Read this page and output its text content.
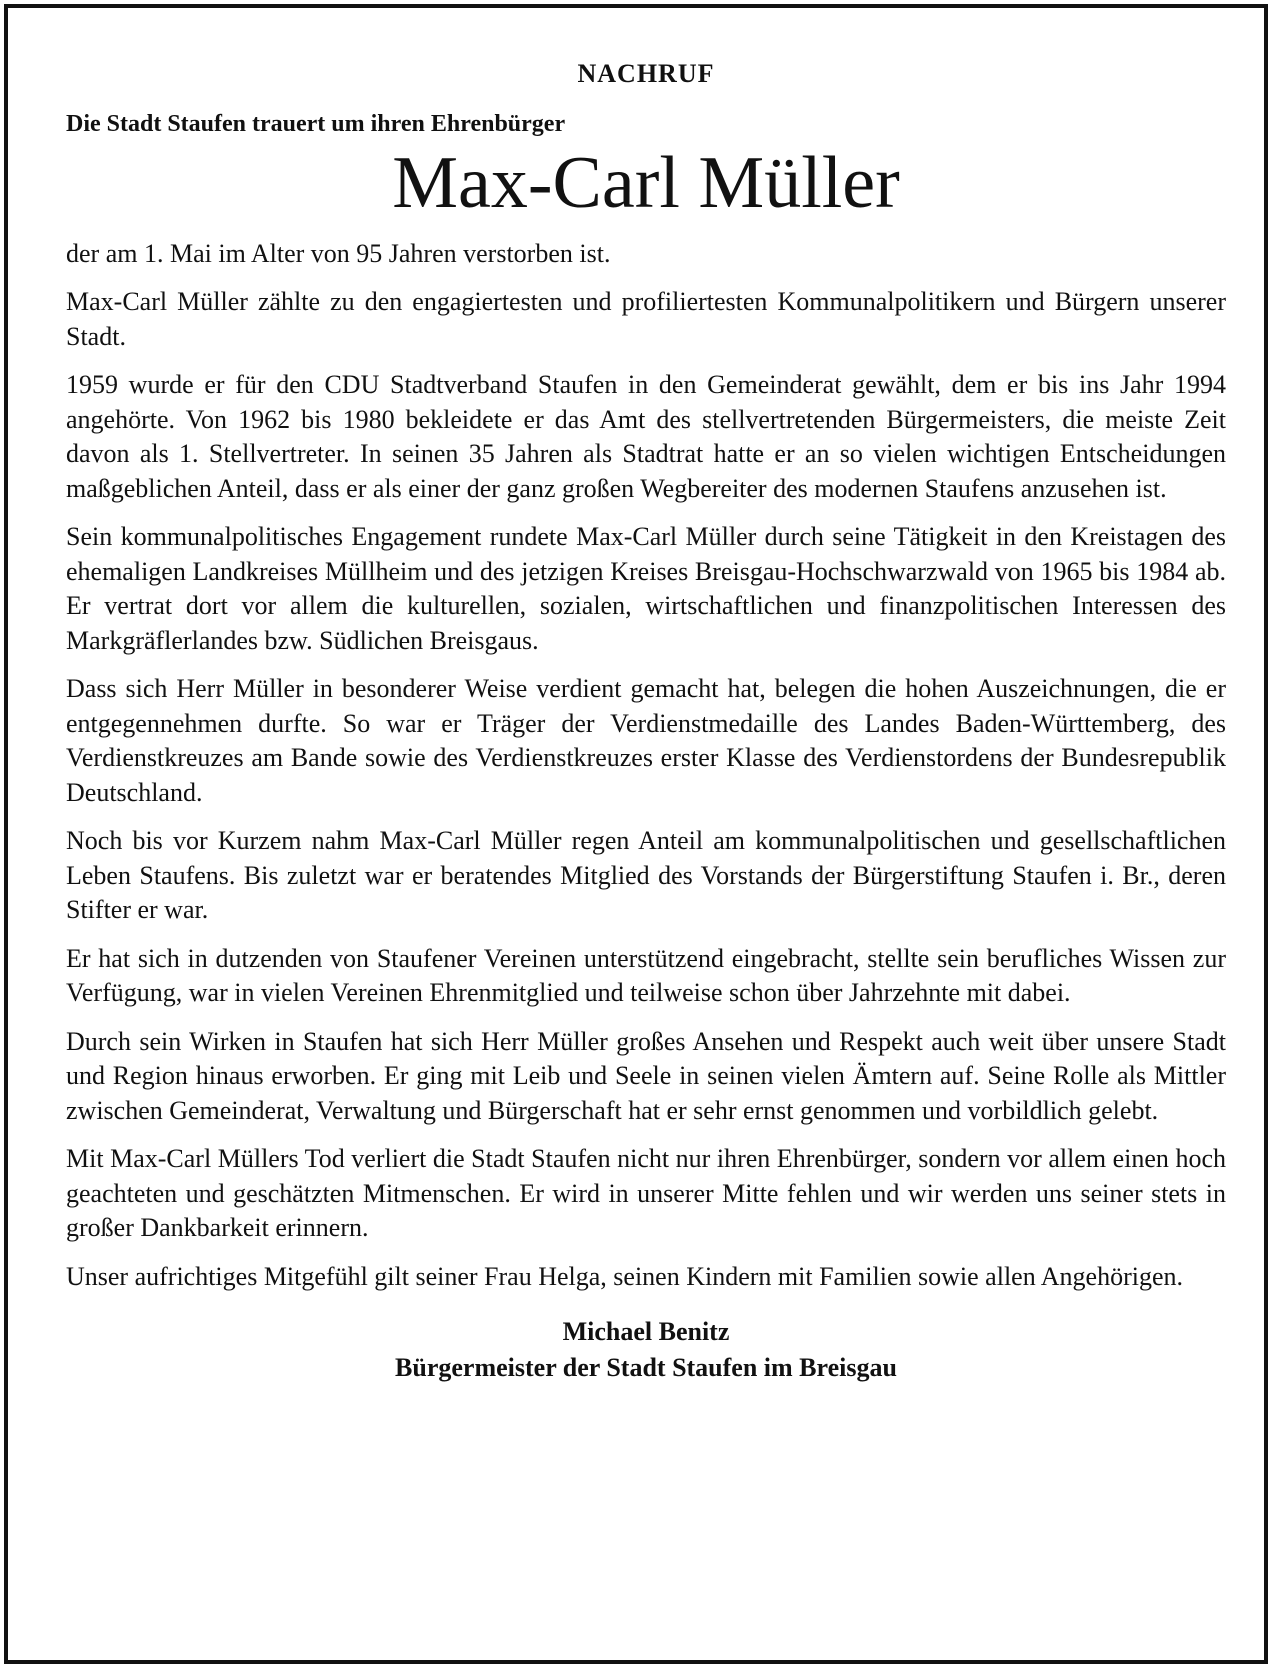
NACHRUF
Die Stadt Staufen trauert um ihren Ehrenbürger
Max-Carl Müller

der am 1. Mai im Alter von 95 Jahren verstorben ist.

Max-Carl Müller zählte zu den engagiertesten und profiliertesten Kommunalpolitikern und Bürgern unserer Stadt.

1959 wurde er für den CDU Stadtverband Staufen in den Gemeinderat gewählt, dem er bis ins Jahr 1994 angehörte. Von 1962 bis 1980 bekleidete er das Amt des stellvertretenden Bürgermeisters, die meiste Zeit davon als 1. Stellvertreter. In seinen 35 Jahren als Stadtrat hatte er an so vielen wichtigen Entscheidungen maßgeblichen Anteil, dass er als einer der ganz großen Wegbereiter des modernen Staufens anzusehen ist.

Sein kommunalpolitisches Engagement rundete Max-Carl Müller durch seine Tätigkeit in den Kreistagen des ehemaligen Landkreises Müllheim und des jetzigen Kreises Breisgau-Hochschwarzwald von 1965 bis 1984 ab. Er vertrat dort vor allem die kulturellen, sozialen, wirtschaftlichen und finanzpolitischen Interessen des Markgräflerlandes bzw. Südlichen Breisgaus.

Dass sich Herr Müller in besonderer Weise verdient gemacht hat, belegen die hohen Auszeichnungen, die er entgegennehmen durfte. So war er Träger der Verdienstmedaille des Landes Baden-Württemberg, des Verdienstkreuzes am Bande sowie des Verdienstkreuzes erster Klasse des Verdienstordens der Bundesrepublik Deutschland.

Noch bis vor Kurzem nahm Max-Carl Müller regen Anteil am kommunalpolitischen und gesellschaftlichen Leben Staufens. Bis zuletzt war er beratendes Mitglied des Vorstands der Bürgerstiftung Staufen i. Br., deren Stifter er war.

Er hat sich in dutzenden von Staufener Vereinen unterstützend eingebracht, stellte sein berufliches Wissen zur Verfügung, war in vielen Vereinen Ehrenmitglied und teilweise schon über Jahrzehnte mit dabei.

Durch sein Wirken in Staufen hat sich Herr Müller großes Ansehen und Respekt auch weit über unsere Stadt und Region hinaus erworben. Er ging mit Leib und Seele in seinen vielen Ämtern auf. Seine Rolle als Mittler zwischen Gemeinderat, Verwaltung und Bürgerschaft hat er sehr ernst genommen und vorbildlich gelebt.

Mit Max-Carl Müllers Tod verliert die Stadt Staufen nicht nur ihren Ehrenbürger, sondern vor allem einen hoch geachteten und geschätzten Mitmenschen. Er wird in unserer Mitte fehlen und wir werden uns seiner stets in großer Dankbarkeit erinnern.

Unser aufrichtiges Mitgefühl gilt seiner Frau Helga, seinen Kindern mit Familien sowie allen Angehörigen.

Michael Benitz
Bürgermeister der Stadt Staufen im Breisgau
